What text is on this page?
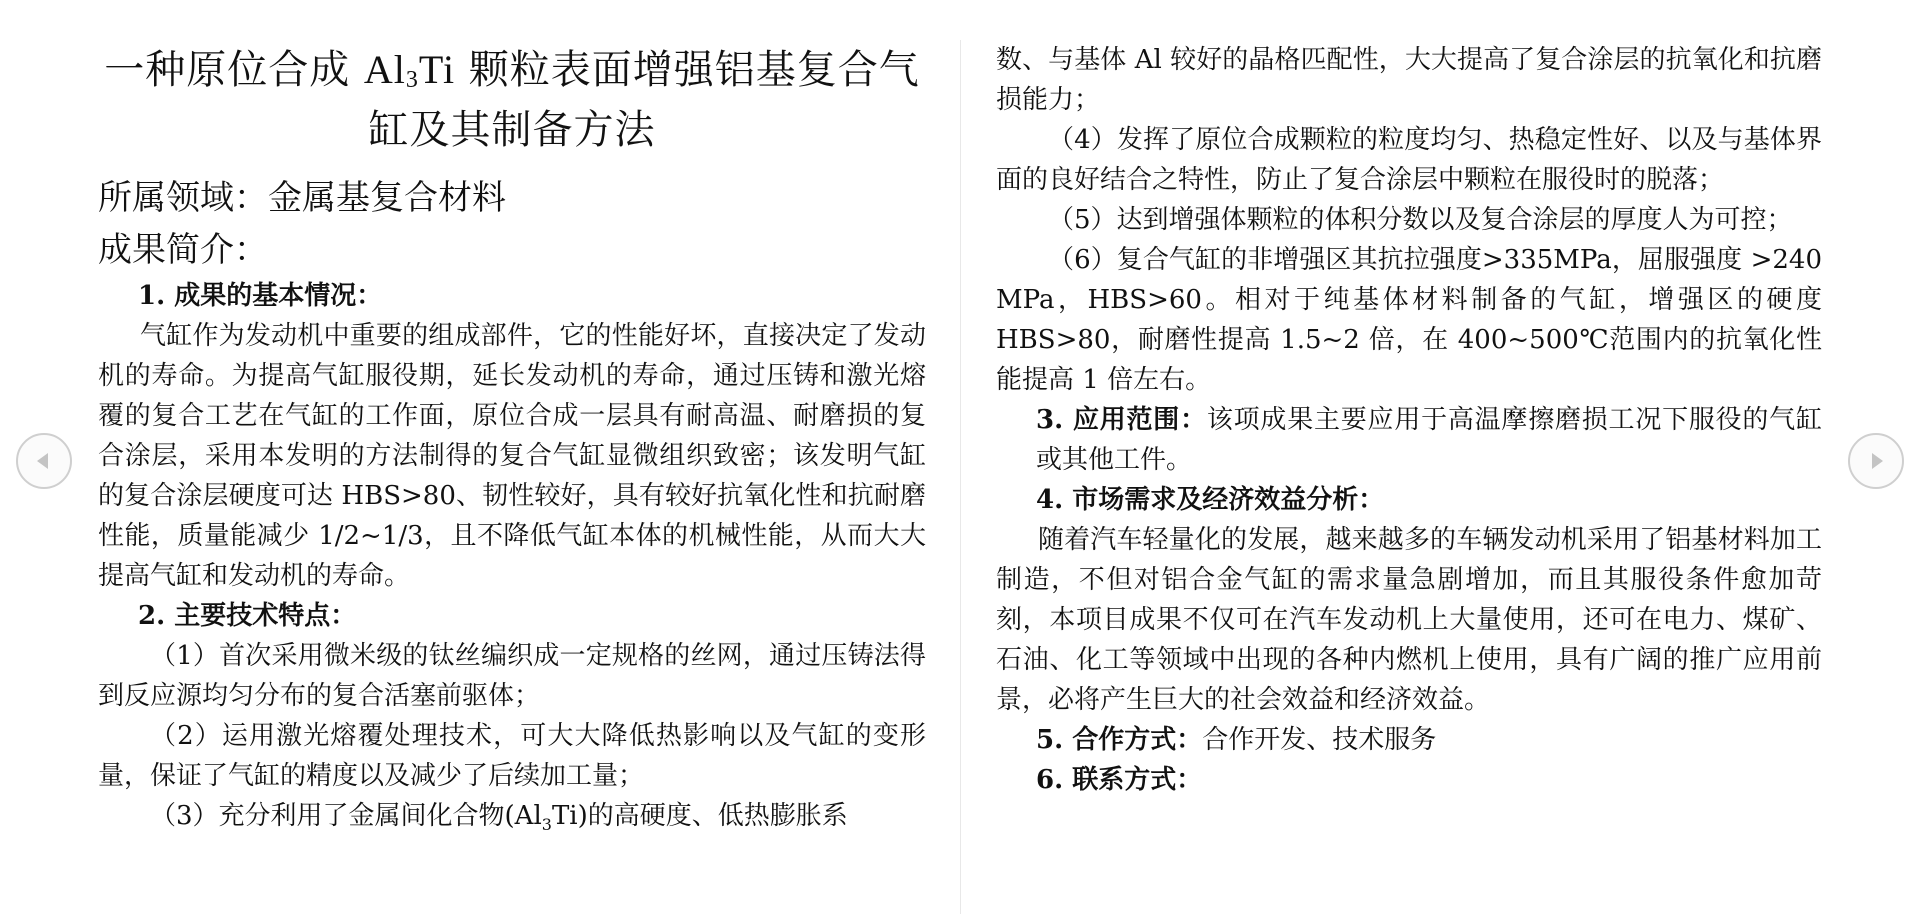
一种原位合成 $Al_3Ti$ 颗粒表面增强铝基复合气
缸及其制备方法
所属领域：金属基复合材料
成果简介：
1. 成果的基本情况：

气缸作为发动机中重要的组成部件，它的性能好坏，直接决定了发动机的寿命。为提高气缸服役期，延长发动机的寿命，通过压铸和激光熔覆的复合工艺在气缸的工作面，原位合成一层具有耐高温、耐磨损的复合涂层，采用本发明的方法制得的复合气缸显微组织致密；该发明气缸的复合涂层硬度可达 HBS>80、韧性较好，具有较好抗氧化性和抗耐磨性能，质量能减少 1/2~1/3，且不降低气缸本体的机械性能，从而大大提高气缸和发动机的寿命。

2. 主要技术特点：

（1）首次采用微米级的钛丝编织成一定规格的丝网，通过压铸法得到反应源均匀分布的复合活塞前驱体；

（2）运用激光熔覆处理技术，可大大降低热影响以及气缸的变形量，保证了气缸的精度以及减少了后续加工量；

（3）充分利用了金属间化合物$(Al_3Ti)$的高硬度、低热膨胀系

数、与基体 Al 较好的晶格匹配性，大大提高了复合涂层的抗氧化和抗磨损能力；

（4）发挥了原位合成颗粒的粒度均匀、热稳定性好、以及与基体界面的良好结合之特性，防止了复合涂层中颗粒在服役时的脱落；

（5）达到增强体颗粒的体积分数以及复合涂层的厚度人为可控；

（6）复合气缸的非增强区其抗拉强度>335MPa，屈服强度 >240 MPa，HBS>60。相对于纯基体材料制备的气缸，增强区的硬度 HBS>80，耐磨性提高 1.5~2 倍，在 400~500℃范围内的抗氧化性能提高 1 倍左右。

3. 应用范围：该项成果主要应用于高温摩擦磨损工况下服役的气缸或其他工件。

4. 市场需求及经济效益分析：

随着汽车轻量化的发展，越来越多的车辆发动机采用了铝基材料加工制造，不但对铝合金气缸的需求量急剧增加，而且其服役条件愈加苛刻，本项目成果不仅可在汽车发动机上大量使用，还可在电力、煤矿、石油、化工等领域中出现的各种内燃机上使用，具有广阔的推广应用前景，必将产生巨大的社会效益和经济效益。

5. 合作方式：合作开发、技术服务
6. 联系方式：
